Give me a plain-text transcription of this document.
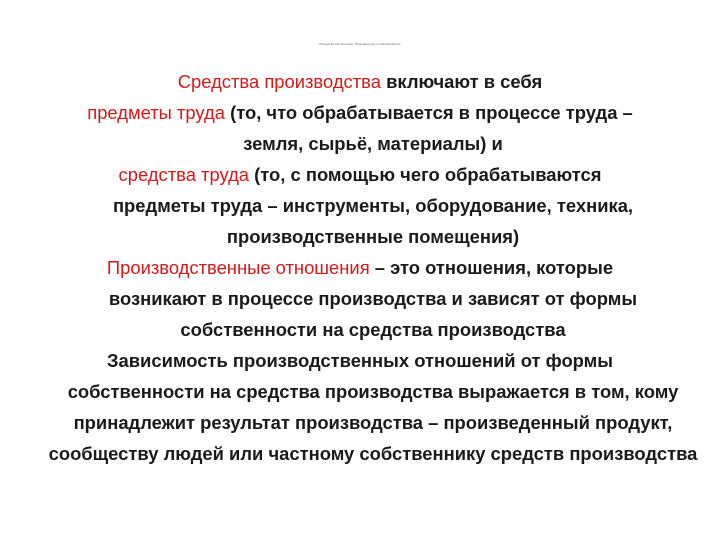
Общество как система. Производство и собственность

Средства производства включают в себя

предметы труда (то, что обрабатывается в процессе труда –
земля, сырьё, материалы) и

средства труда (то, с помощью чего обрабатываются
предметы труда – инструменты, оборудование, техника, производственные помещения)

Производственные отношения – это отношения, которые
возникают в процессе производства и зависят от формы собственности на средства производства

Зависимость производственных отношений от формы
собственности на средства производства выражается в том, кому принадлежит результат производства – произведенный продукт, сообществу людей или частному собственнику средств производства
